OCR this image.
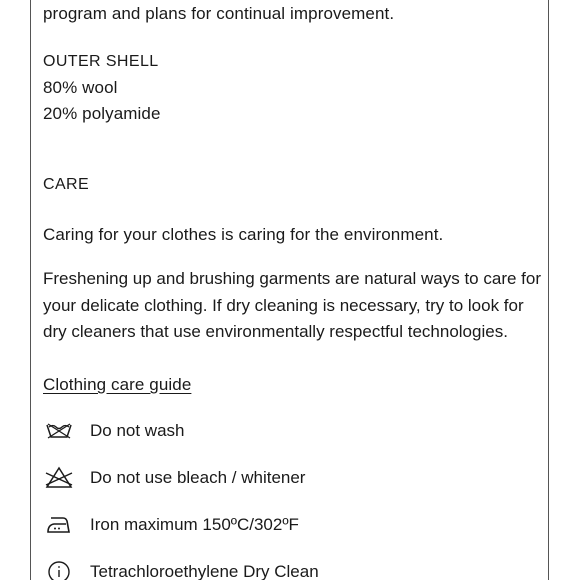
program and plans for continual improvement.
OUTER SHELL
80% wool
20% polyamide
CARE
Caring for your clothes is caring for the environment.
Freshening up and brushing garments are natural ways to care for
your delicate clothing. If dry cleaning is necessary, try to look for
dry cleaners that use environmentally respectful technologies.
Clothing care guide
Do not wash
Do not use bleach / whitener
Iron maximum 150ºC/302ºF
Tetrachloroethylene Dry Clean
